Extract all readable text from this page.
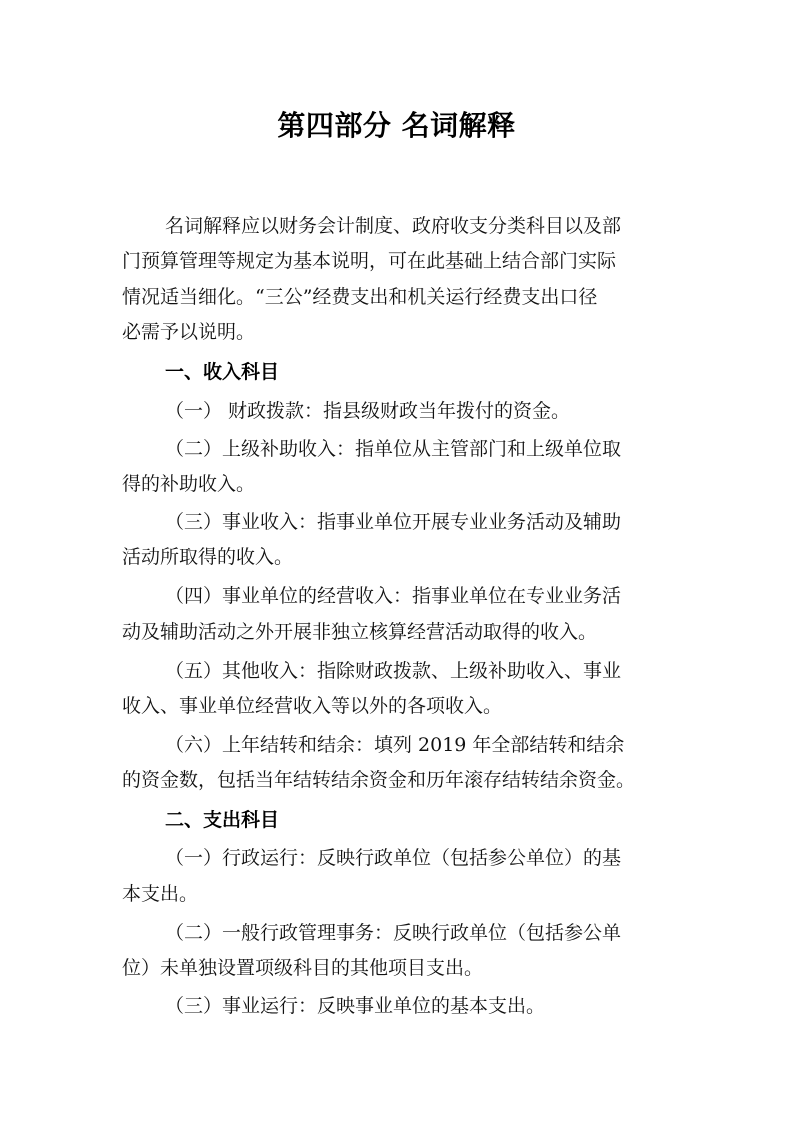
第四部分 名词解释
名词解释应以财务会计制度、政府收支分类科目以及部
门预算管理等规定为基本说明，可在此基础上结合部门实际
情况适当细化。“三公”经费支出和机关运行经费支出口径
必需予以说明。
一、收入科目
（一） 财政拨款：指县级财政当年拨付的资金。
（二）上级补助收入：指单位从主管部门和上级单位取
得的补助收入。
（三）事业收入：指事业单位开展专业业务活动及辅助
活动所取得的收入。
（四）事业单位的经营收入：指事业单位在专业业务活
动及辅助活动之外开展非独立核算经营活动取得的收入。
（五）其他收入：指除财政拨款、上级补助收入、事业
收入、事业单位经营收入等以外的各项收入。
（六）上年结转和结余：填列 2019 年全部结转和结余
的资金数，包括当年结转结余资金和历年滚存结转结余资金。
二、支出科目
（一）行政运行：反映行政单位（包括参公单位）的基
本支出。
（二）一般行政管理事务：反映行政单位（包括参公单
位）未单独设置项级科目的其他项目支出。
（三）事业运行：反映事业单位的基本支出。
